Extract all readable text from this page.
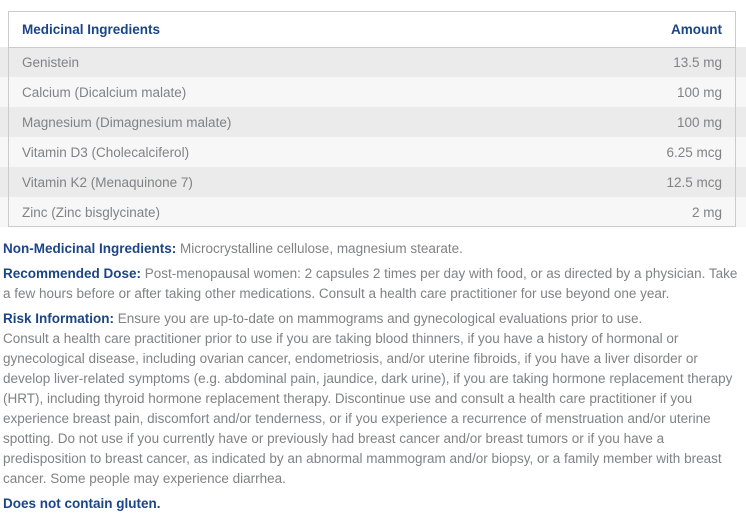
Medicinal Ingredients	Amount
Genistein	13.5 mg
Calcium (Dicalcium malate)	100 mg
Magnesium (Dimagnesium malate)	100 mg
Vitamin D3 (Cholecalciferol)	6.25 mcg
Vitamin K2 (Menaquinone 7)	12.5 mcg
Zinc (Zinc bisglycinate)	2 mg

Non-Medicinal Ingredients: Microcrystalline cellulose, magnesium stearate.

Recommended Dose: Post-menopausal women: 2 capsules 2 times per day with food, or as directed by a physician. Take a few hours before or after taking other medications. Consult a health care practitioner for use beyond one year.

Risk Information: Ensure you are up-to-date on mammograms and gynecological evaluations prior to use.
Consult a health care practitioner prior to use if you are taking blood thinners, if you have a history of hormonal or gynecological disease, including ovarian cancer, endometriosis, and/or uterine fibroids, if you have a liver disorder or develop liver-related symptoms (e.g. abdominal pain, jaundice, dark urine), if you are taking hormone replacement therapy (HRT), including thyroid hormone replacement therapy. Discontinue use and consult a health care practitioner if you experience breast pain, discomfort and/or tenderness, or if you experience a recurrence of menstruation and/or uterine spotting. Do not use if you currently have or previously had breast cancer and/or breast tumors or if you have a predisposition to breast cancer, as indicated by an abnormal mammogram and/or biopsy, or a family member with breast cancer. Some people may experience diarrhea.

Does not contain gluten.
